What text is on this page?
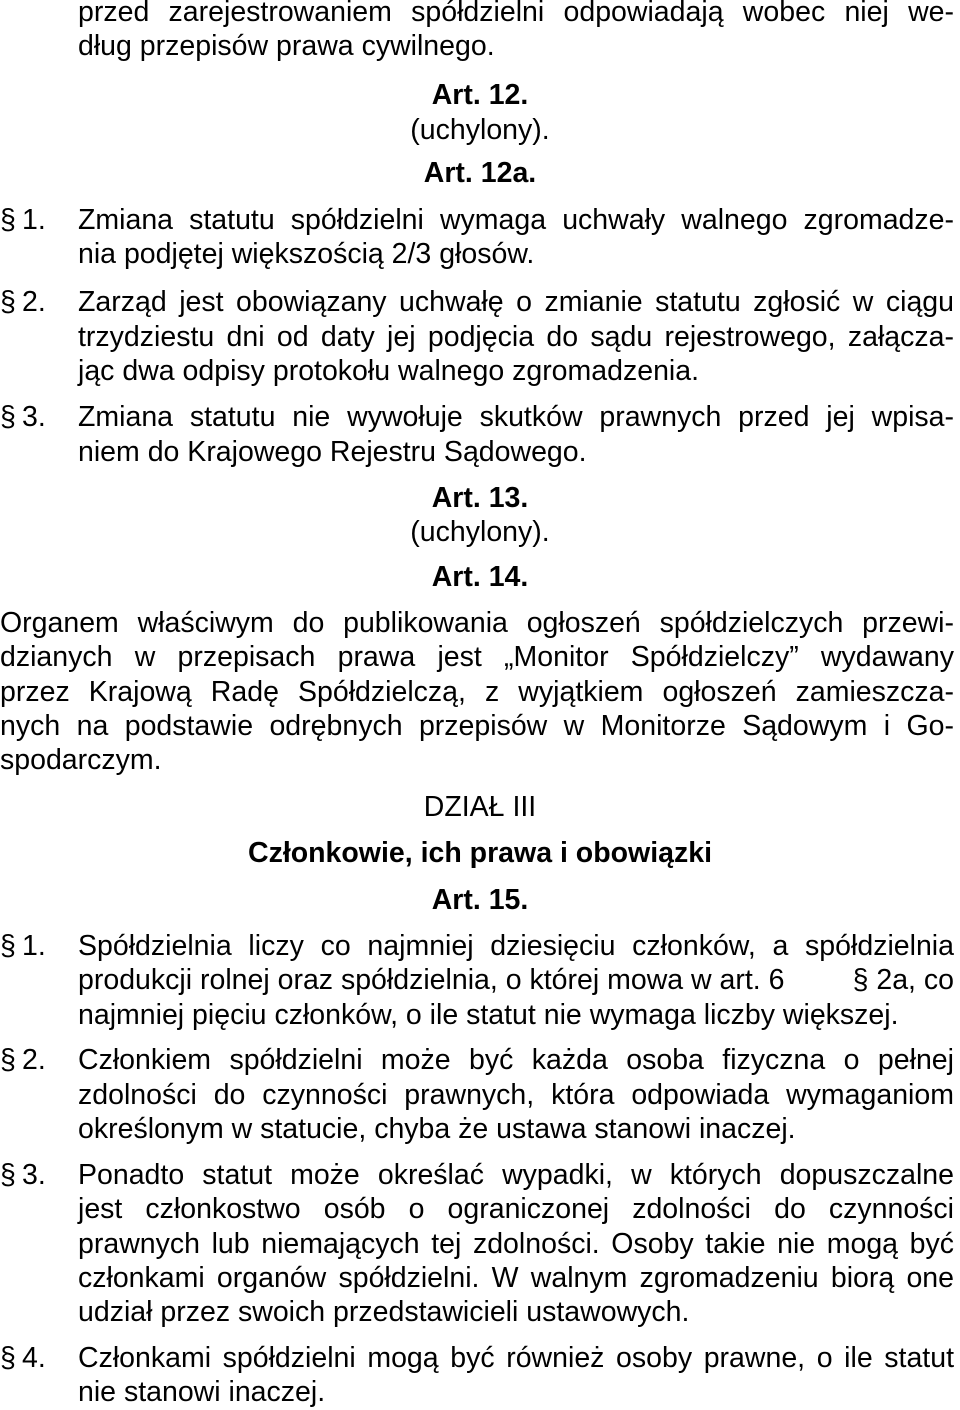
przed zarejestrowaniem spółdzielni odpowiadają wobec niej we-
dług przepisów prawa cywilnego.
Art. 12.
(uchylony).
Art. 12a.
§ 1.	Zmiana statutu spółdzielni wymaga uchwały walnego zgromadze-
nia podjętej większością 2/3 głosów.
§ 2.	Zarząd jest obowiązany uchwałę o zmianie statutu zgłosić w ciągu
trzydziestu dni od daty jej podjęcia do sądu rejestrowego, załącza-
jąc dwa odpisy protokołu walnego zgromadzenia.
§ 3.	Zmiana statutu nie wywołuje skutków prawnych przed jej wpisa-
niem do Krajowego Rejestru Sądowego.
Art. 13.
(uchylony).
Art. 14.
Organem właściwym do publikowania ogłoszeń spółdzielczych przewi-
dzianych w przepisach prawa jest „Monitor Spółdzielczy” wydawany
przez Krajową Radę Spółdzielczą, z wyjątkiem ogłoszeń zamieszcza-
nych na podstawie odrębnych przepisów w Monitorze Sądowym i Go-
spodarczym.
DZIAŁ III
Członkowie, ich prawa i obowiązki
Art. 15.
§ 1.	Spółdzielnia liczy co najmniej dziesięciu członków, a spółdzielnia
produkcji rolnej oraz spółdzielnia, o której mowa w art. 6 § 2a, co
najmniej pięciu członków, o ile statut nie wymaga liczby większej.
§ 2.	Członkiem spółdzielni może być każda osoba fizyczna o pełnej
zdolności do czynności prawnych, która odpowiada wymaganiom
określonym w statucie, chyba że ustawa stanowi inaczej.
§ 3.	Ponadto statut może określać wypadki, w których dopuszczalne
jest członkostwo osób o ograniczonej zdolności do czynności
prawnych lub niemających tej zdolności. Osoby takie nie mogą być
członkami organów spółdzielni. W walnym zgromadzeniu biorą one
udział przez swoich przedstawicieli ustawowych.
§ 4.	Członkami spółdzielni mogą być również osoby prawne, o ile statut
nie stanowi inaczej.
